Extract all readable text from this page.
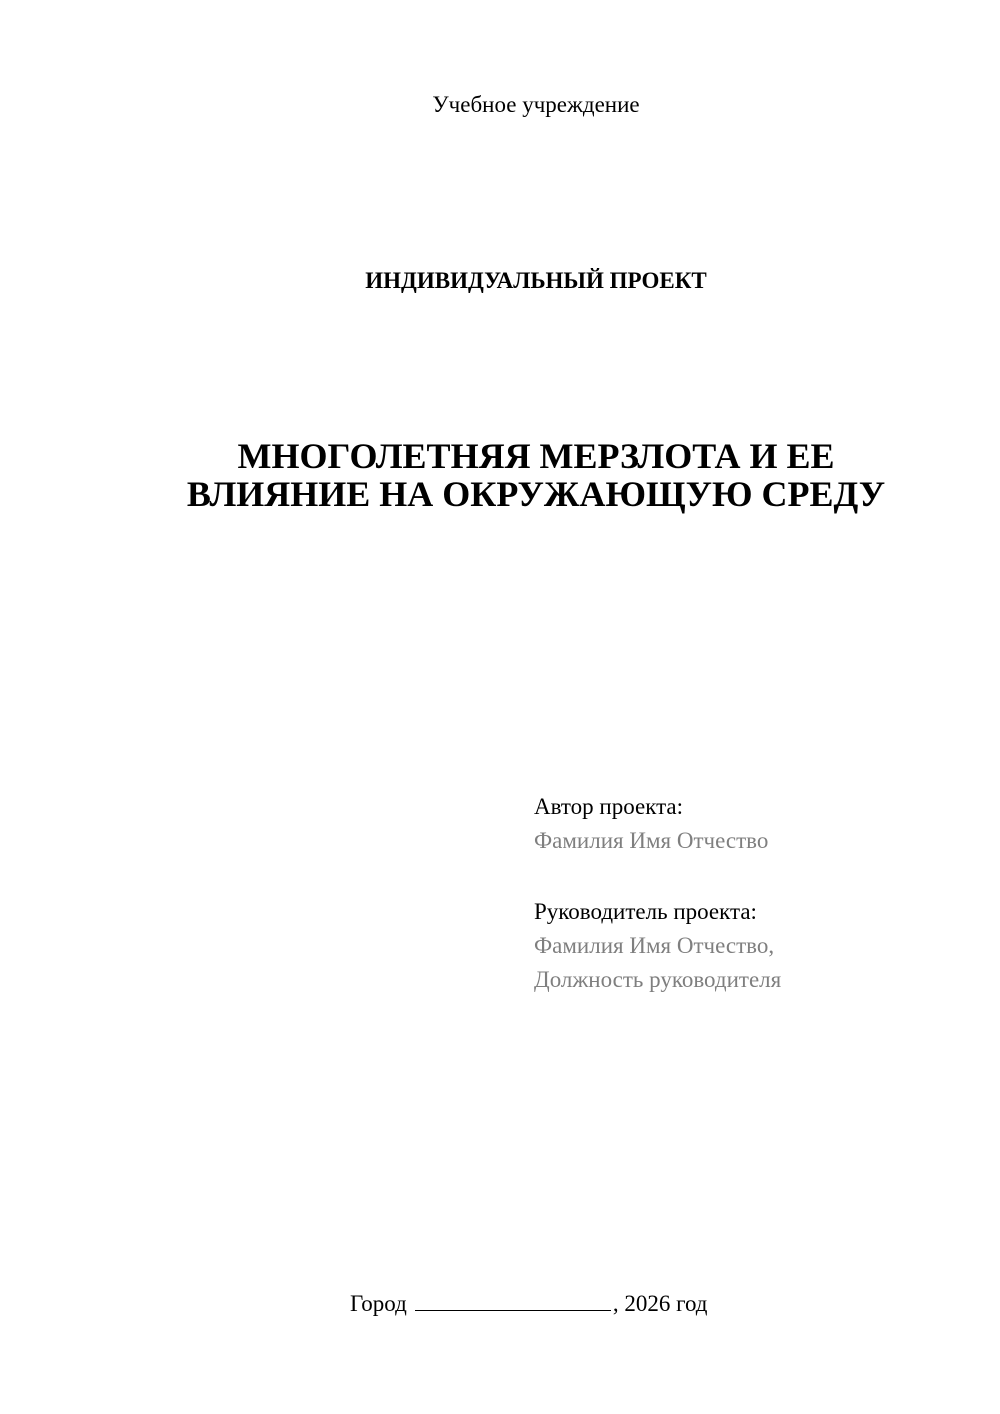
Учебное учреждение
ИНДИВИДУАЛЬНЫЙ ПРОЕКТ
МНОГОЛЕТНЯЯ МЕРЗЛОТА И ЕЕ
ВЛИЯНИЕ НА ОКРУЖАЮЩУЮ СРЕДУ
Автор проекта:
Фамилия Имя Отчество
Руководитель проекта:
Фамилия Имя Отчество,
Должность руководителя
Город	, 2026 год
